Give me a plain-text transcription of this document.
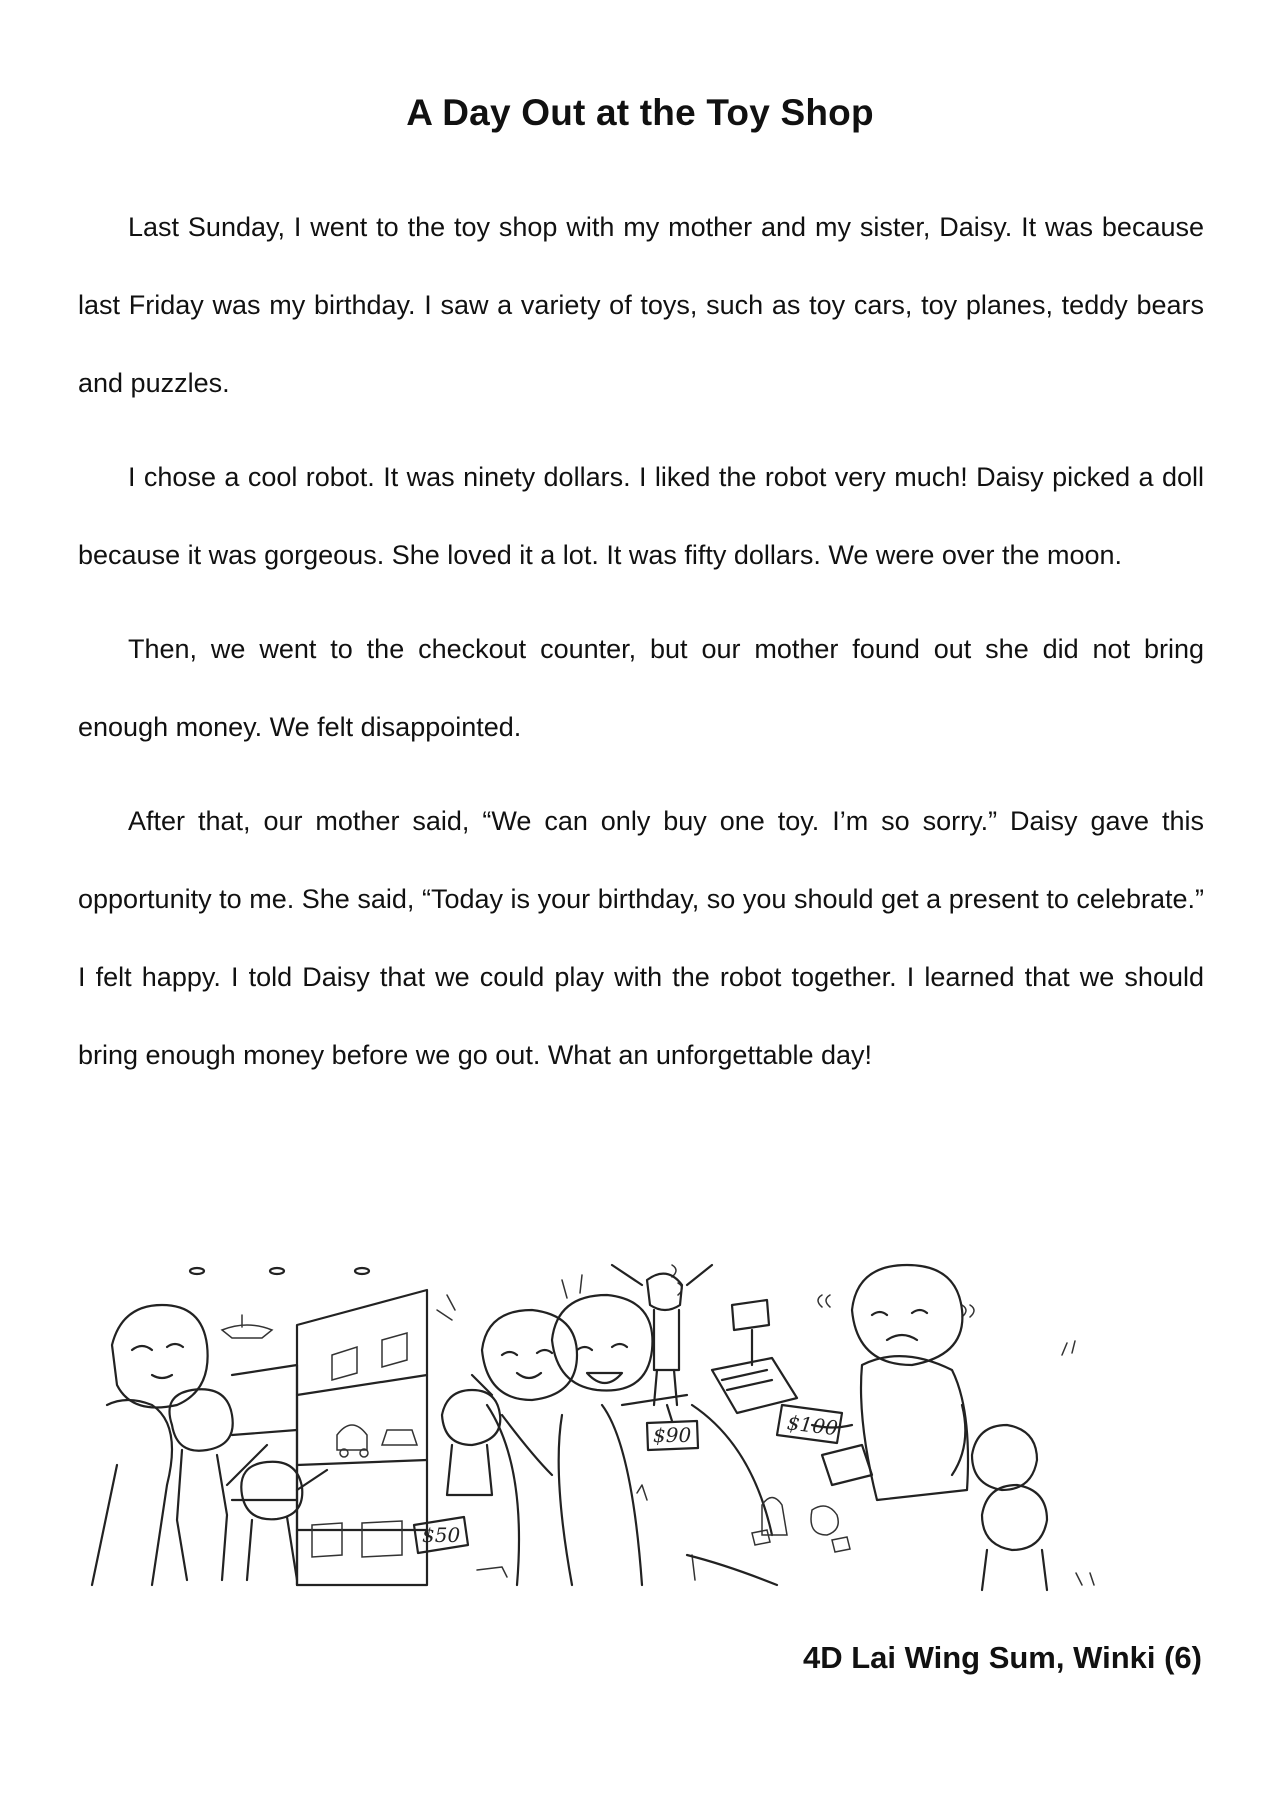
A Day Out at the Toy Shop

Last Sunday, I went to the toy shop with my mother and my sister, Daisy. It was because last Friday was my birthday. I saw a variety of toys, such as toy cars, toy planes, teddy bears and puzzles.

I chose a cool robot. It was ninety dollars. I liked the robot very much! Daisy picked a doll because it was gorgeous. She loved it a lot. It was fifty dollars. We were over the moon.

Then, we went to the checkout counter, but our mother found out she did not bring enough money. We felt disappointed.

After that, our mother said, “We can only buy one toy. I’m so sorry.” Daisy gave this opportunity to me. She said, “Today is your birthday, so you should get a present to celebrate.” I felt happy. I told Daisy that we could play with the robot together. I learned that we should bring enough money before we go out. What an unforgettable day!

$50
$90	$100
4D Lai Wing Sum, Winki (6)
